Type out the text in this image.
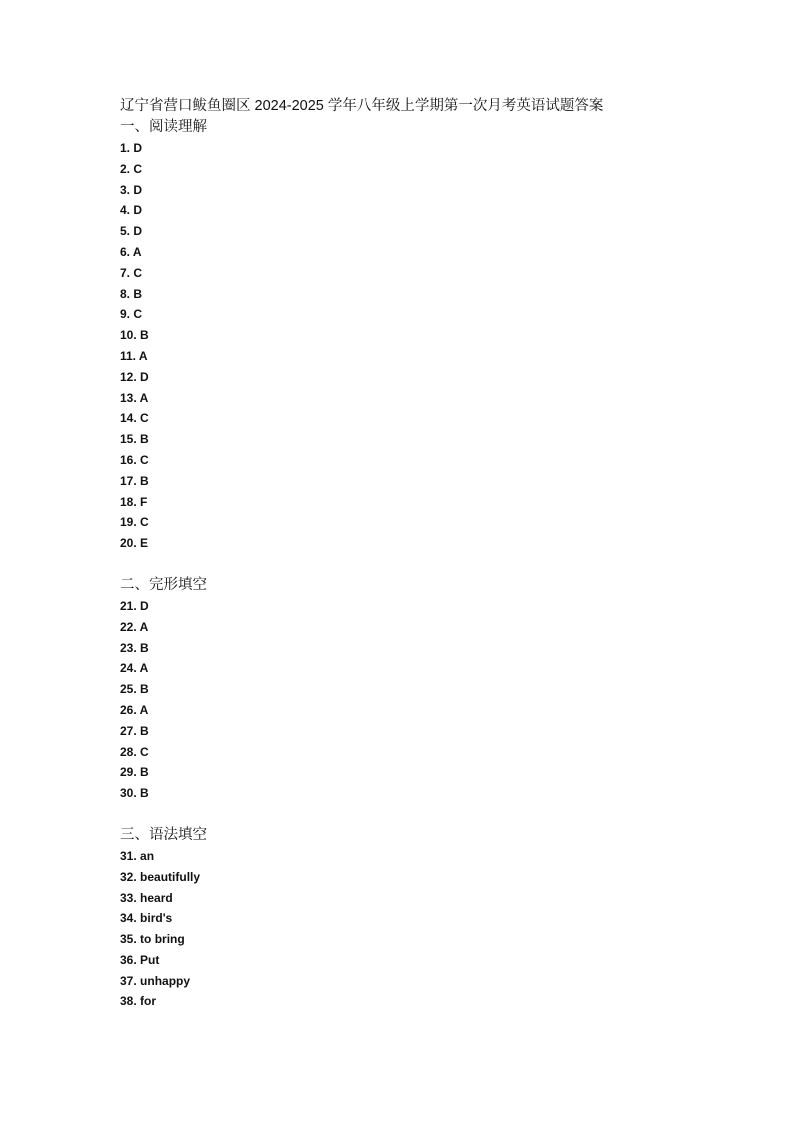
辽宁省营口鲅鱼圈区 2024-2025 学年八年级上学期第一次月考英语试题答案
一、阅读理解
1. D
2. C
3. D
4. D
5. D
6. A
7. C
8. B
9. C
10. B
11. A
12. D
13. A
14. C
15. B
16. C
17. B
18. F
19. C
20. E
二、完形填空
21. D
22. A
23. B
24. A
25. B
26. A
27. B
28. C
29. B
30. B
三、语法填空
31. an
32. beautifully
33. heard
34. bird's
35. to bring
36. Put
37. unhappy
38. for
